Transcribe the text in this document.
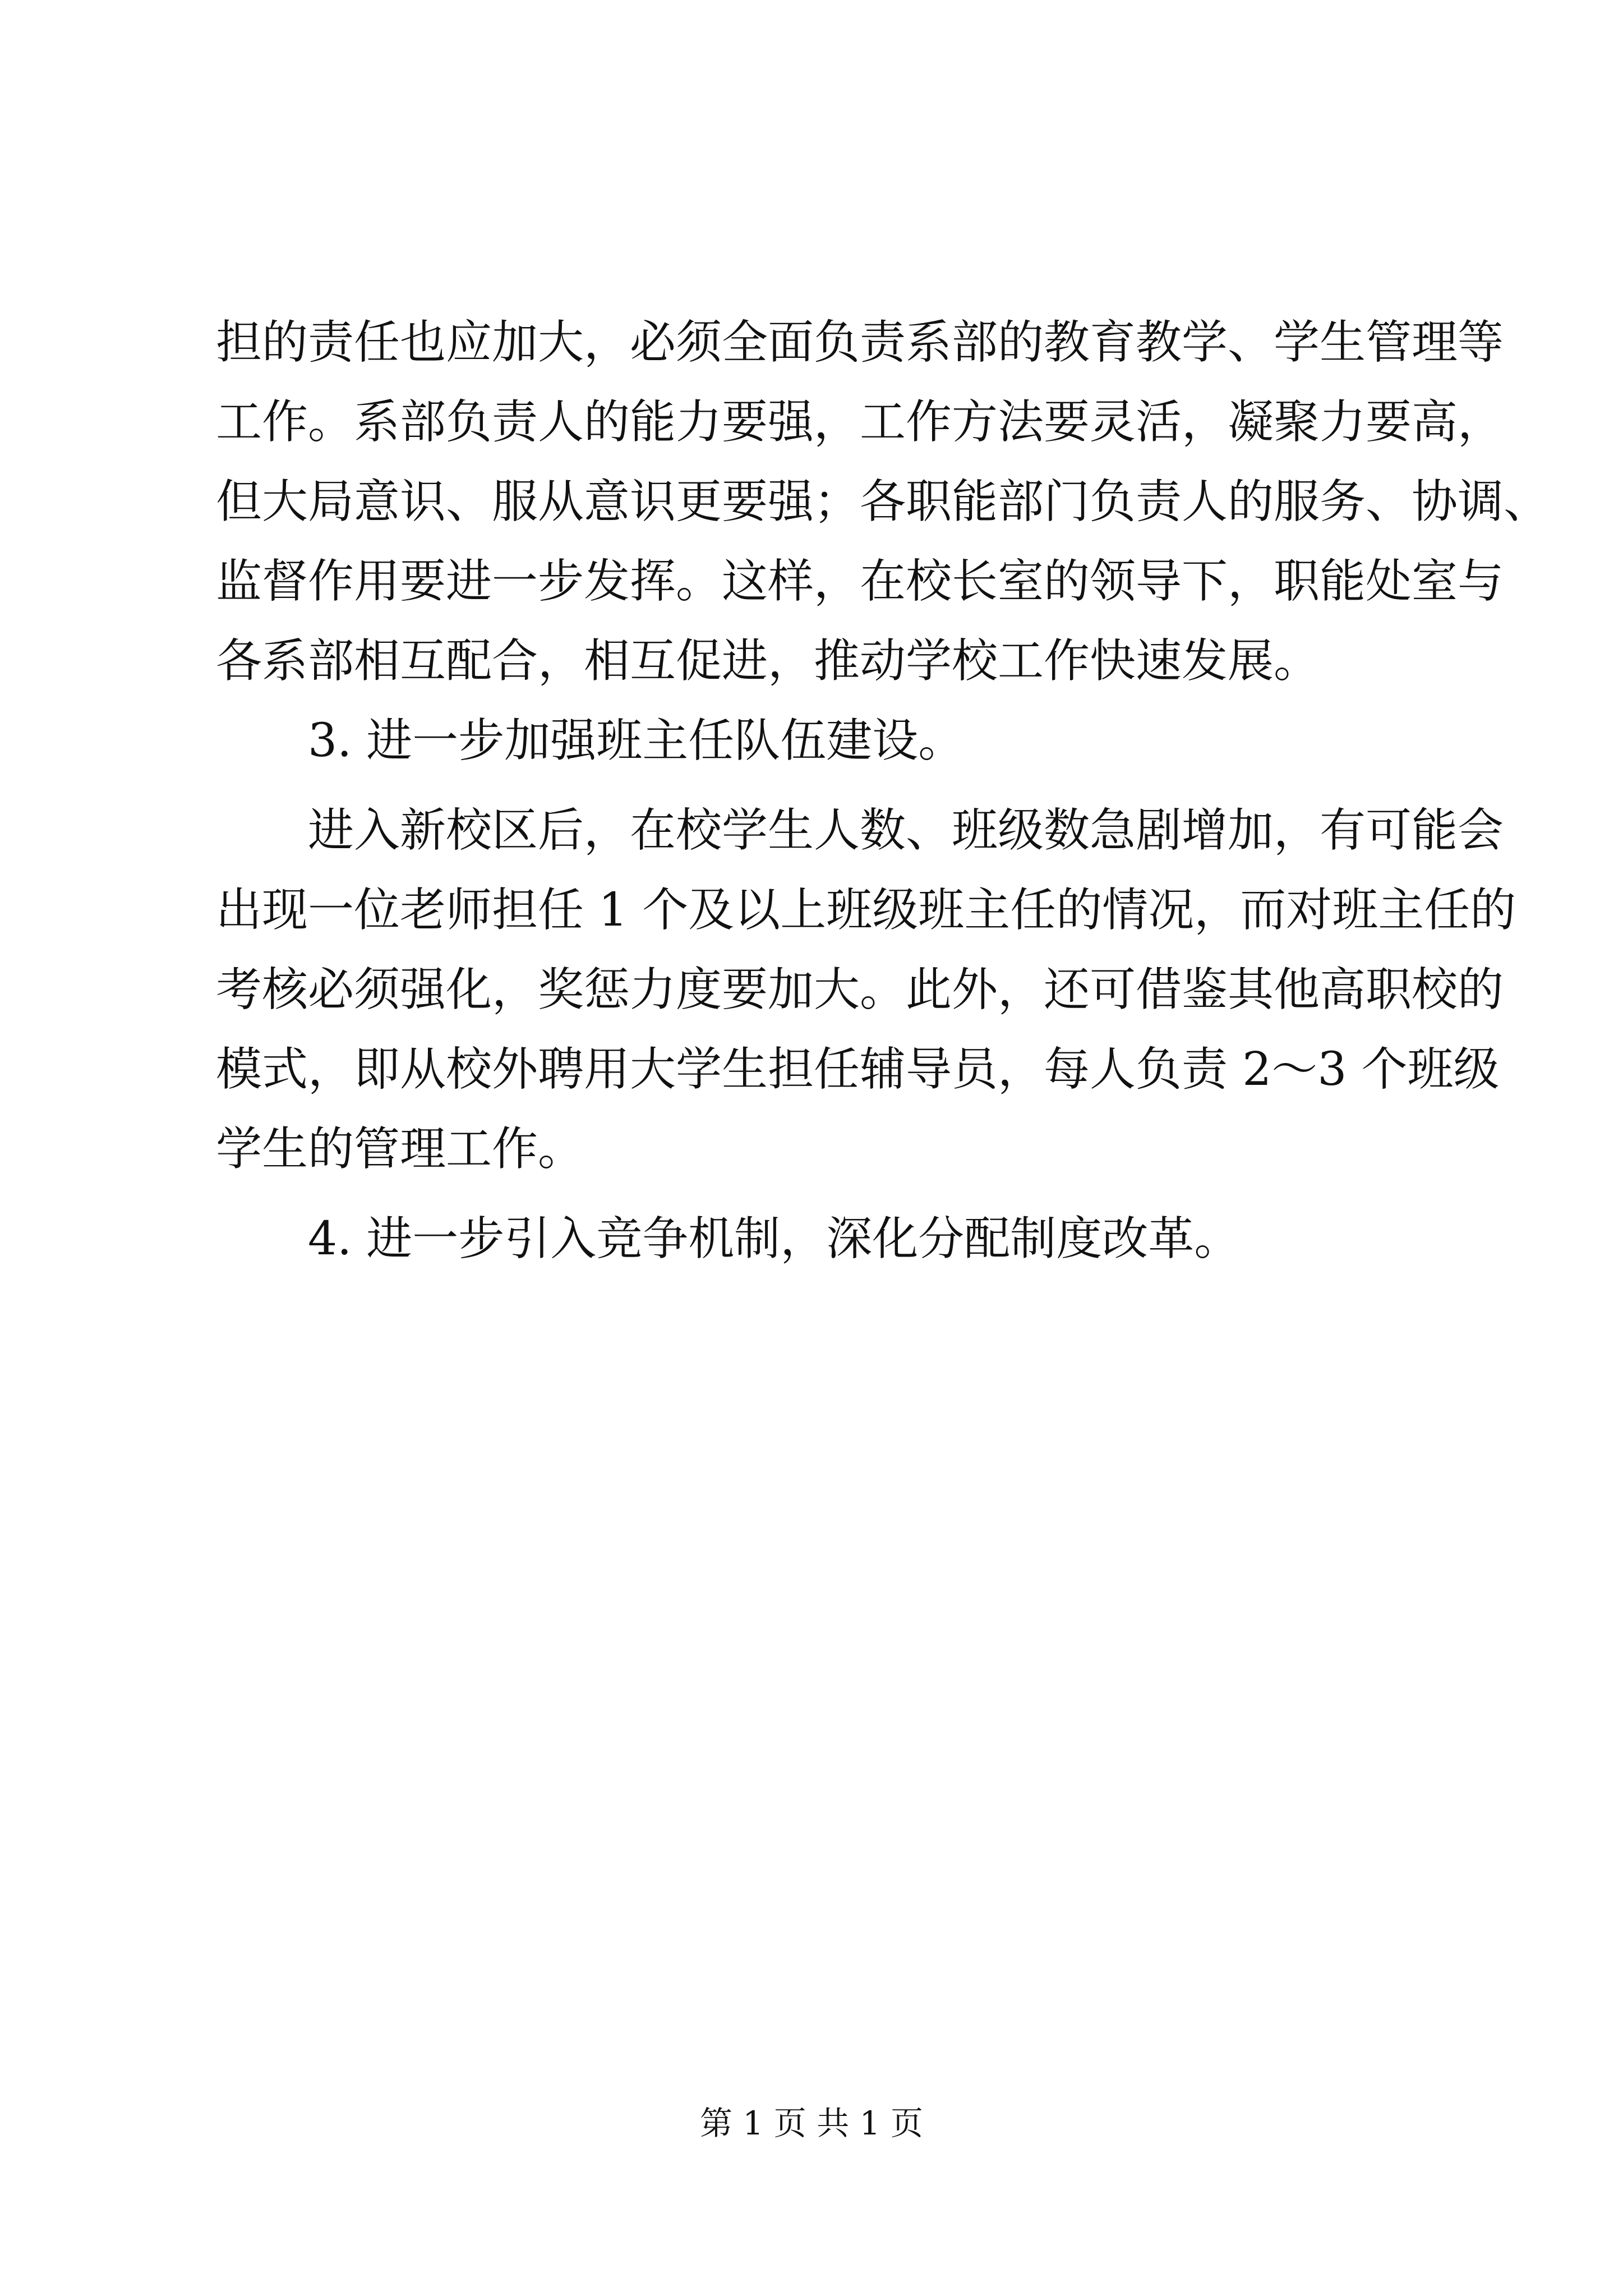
担的责任也应加大，必须全面负责系部的教育教学、学生管理等
工作。系部负责人的能力要强，工作方法要灵活，凝聚力要高，
但大局意识、服从意识更要强；各职能部门负责人的服务、协调、
监督作用要进一步发挥。这样，在校长室的领导下，职能处室与
各系部相互配合，相互促进，推动学校工作快速发展。
3. 进一步加强班主任队伍建设。
进入新校区后，在校学生人数、班级数急剧增加，有可能会
出现一位老师担任 1 个及以上班级班主任的情况，而对班主任的
考核必须强化，奖惩力度要加大。此外，还可借鉴其他高职校的
模式，即从校外聘用大学生担任辅导员，每人负责 2～3 个班级
学生的管理工作。
4. 进一步引入竞争机制，深化分配制度改革。
第 1 页 共 1 页
